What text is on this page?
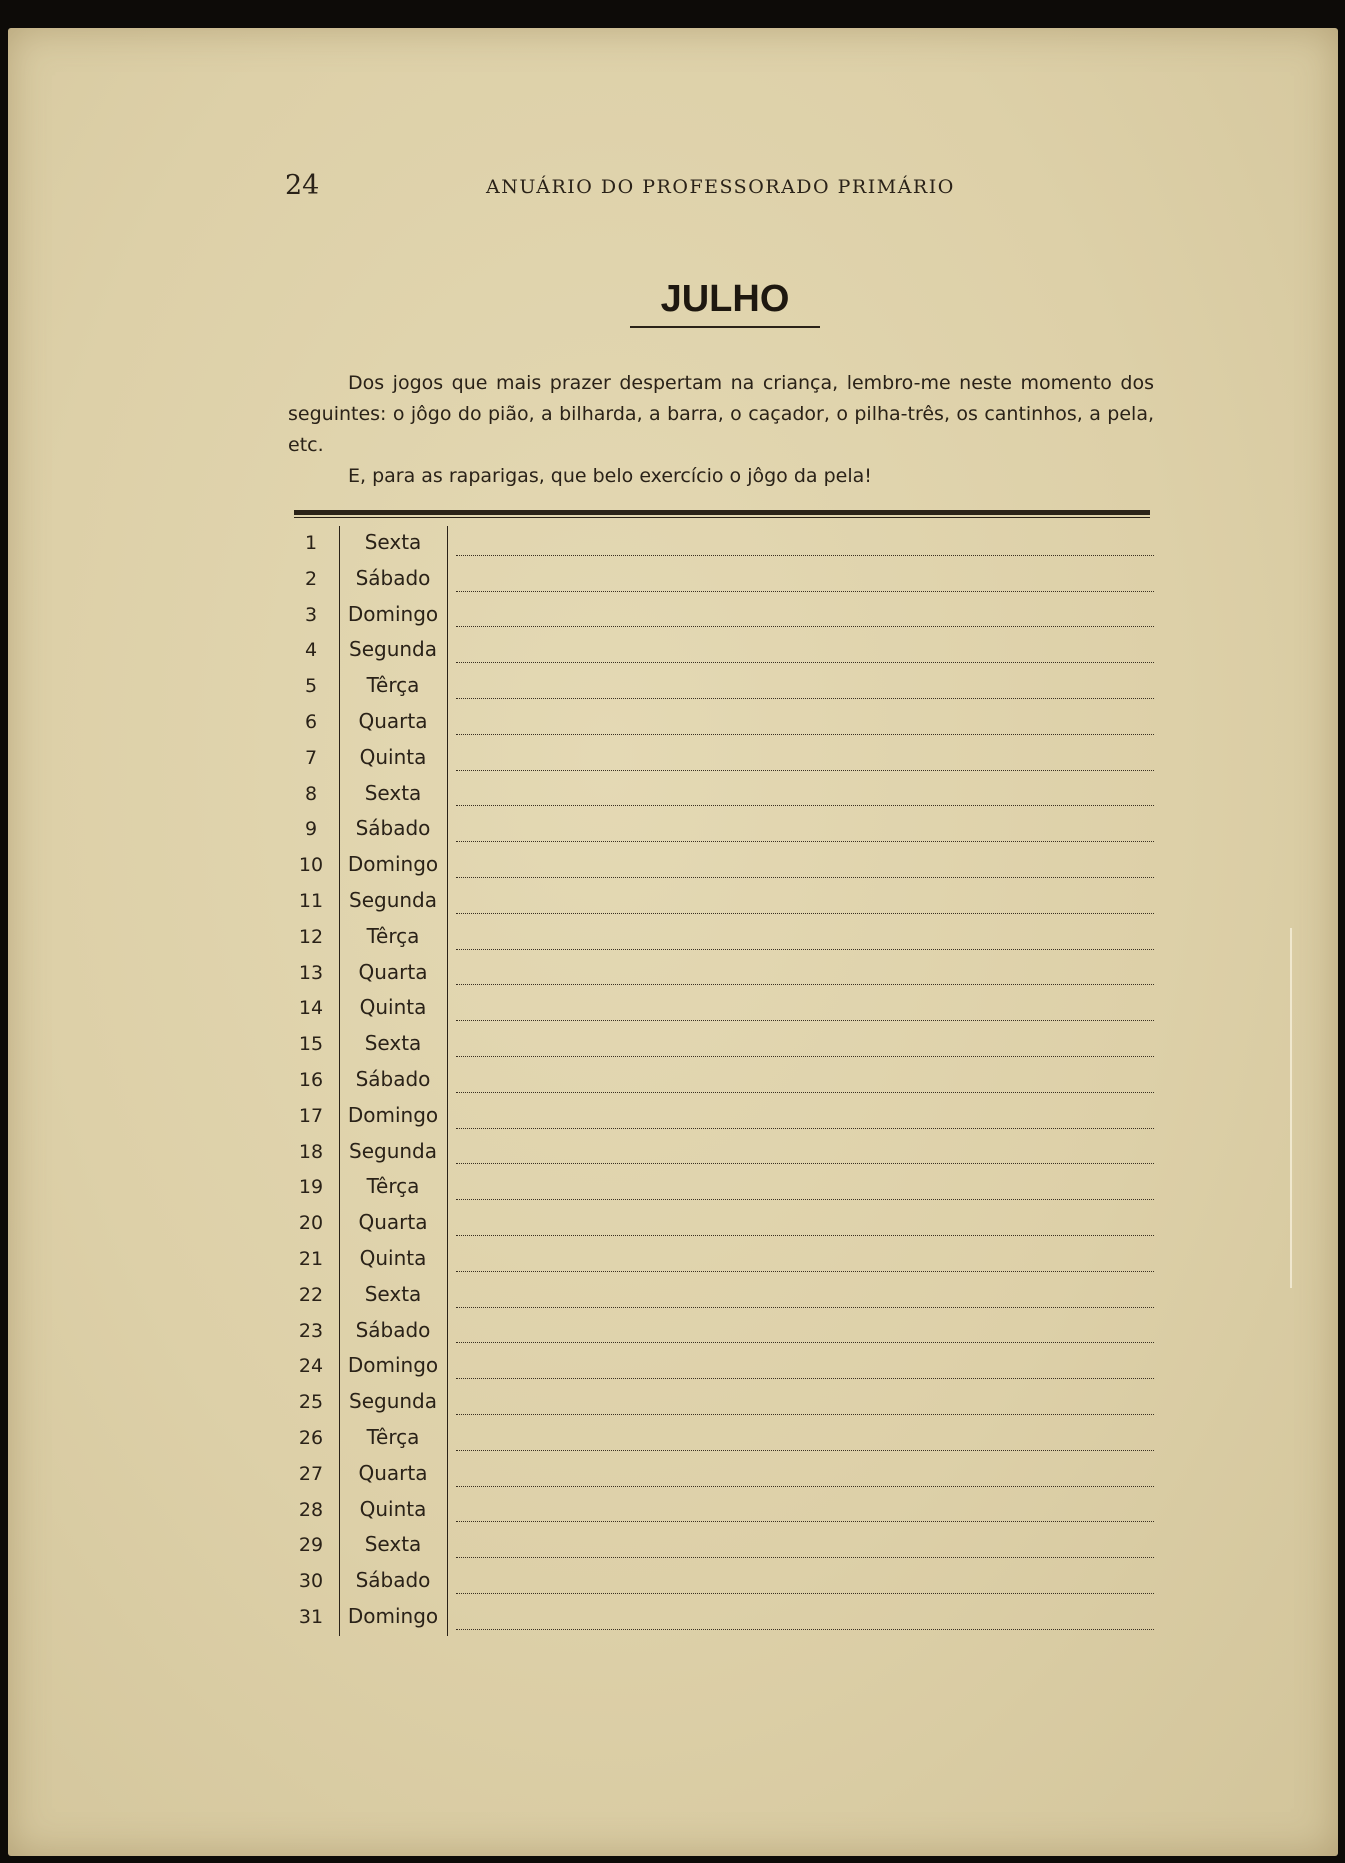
24	ANUÁRIO DO PROFESSORADO PRIMÁRIO
JULHO

Dos jogos que mais prazer despertam na criança, lembro-me neste momento dos seguintes: o jôgo do pião, a bilharda, a barra, o caçador, o pilha-três, os cantinhos, a pela, etc.

E, para as raparigas, que belo exercício o jôgo da pela!

1	Sexta
2	Sábado
3	Domingo
4	Segunda
5	Têrça
6	Quarta
7	Quinta
8	Sexta
9	Sábado
10	Domingo
11	Segunda
12	Têrça
13	Quarta
14	Quinta
15	Sexta
16	Sábado
17	Domingo
18	Segunda
19	Têrça
20	Quarta
21	Quinta
22	Sexta
23	Sábado
24	Domingo
25	Segunda
26	Têrça
27	Quarta
28	Quinta
29	Sexta
30	Sábado
31	Domingo
